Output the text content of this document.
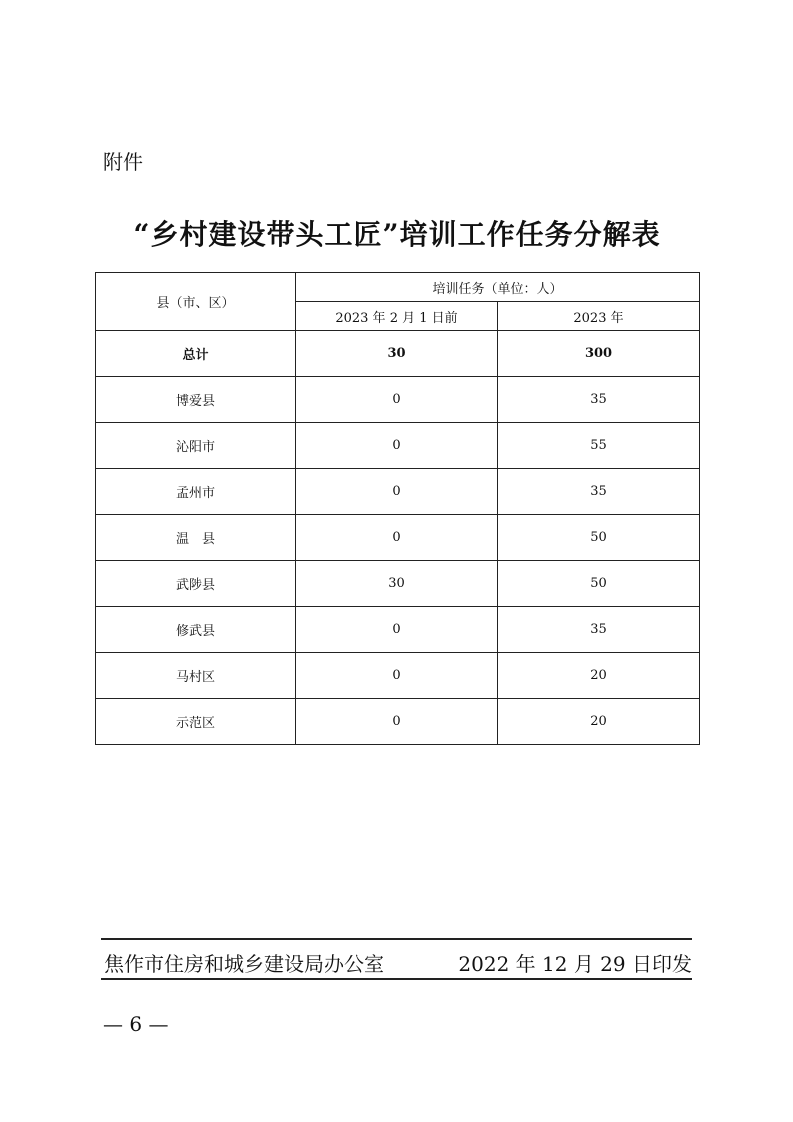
附件
“乡村建设带头工匠”培训工作任务分解表
县（市、区）	培训任务（单位：人）	
	2023 年 2 月 1 日前	2023 年
总计	30	300
博爱县	0	35
沁阳市	0	55
孟州市	0	35
温　县	0	50
武陟县	30	50
修武县	0	35
马村区	0	20
示范区	0	20
焦作市住房和城乡建设局办公室	2022 年 12 月 29 日印发
— 6 —
